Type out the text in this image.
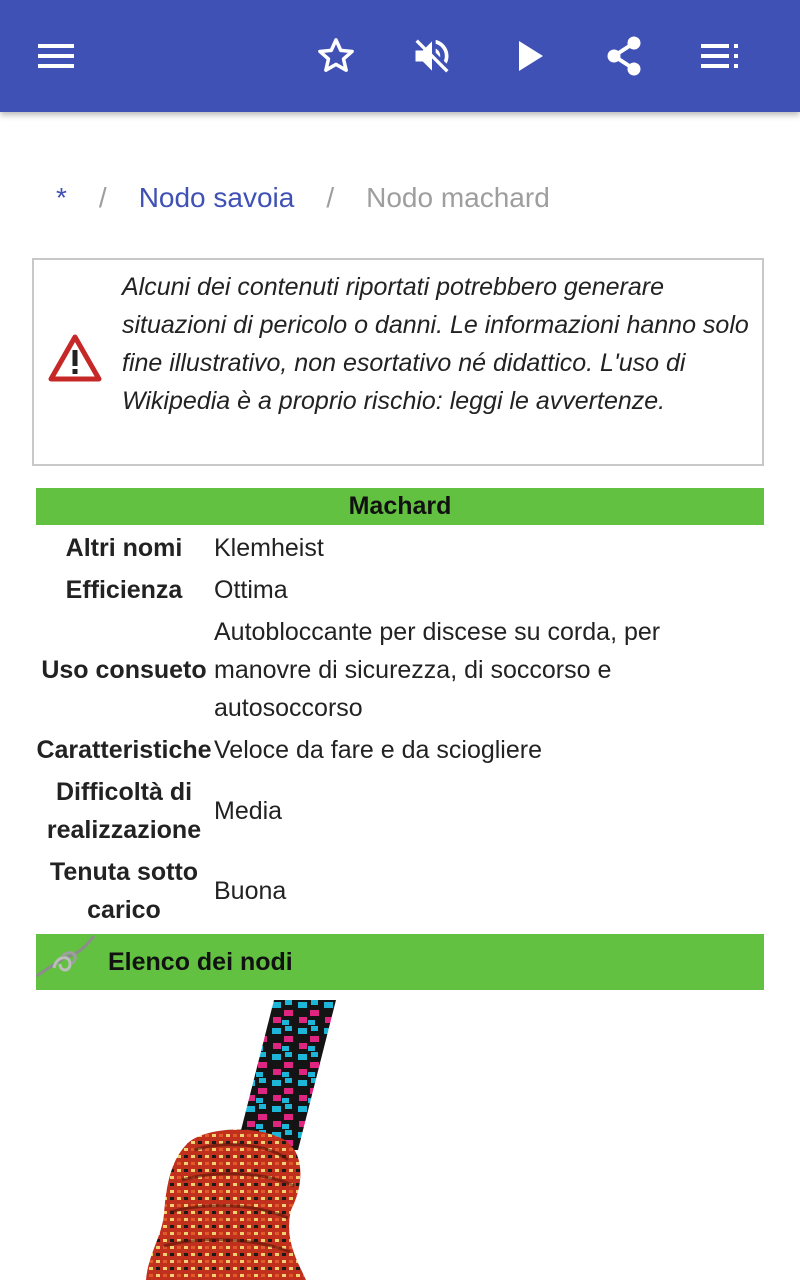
* / Nodo savoia / Nodo machard
Alcuni dei contenuti riportati potrebbero generare situazioni di pericolo o danni. Le informazioni hanno solo fine illustrativo, non esortativo né didattico. L'uso di Wikipedia è a proprio rischio: leggi le avvertenze.
Machard
Altri nomi	Klemheist
Efficienza	Ottima
Uso consueto	Autobloccante per discese su corda, per manovre di sicurezza, di soccorso e autosoccorso
Caratteristiche	Veloce da fare e da sciogliere
Difficoltà di realizzazione	Media
Tenuta sotto carico	Buona
Elenco dei nodi
